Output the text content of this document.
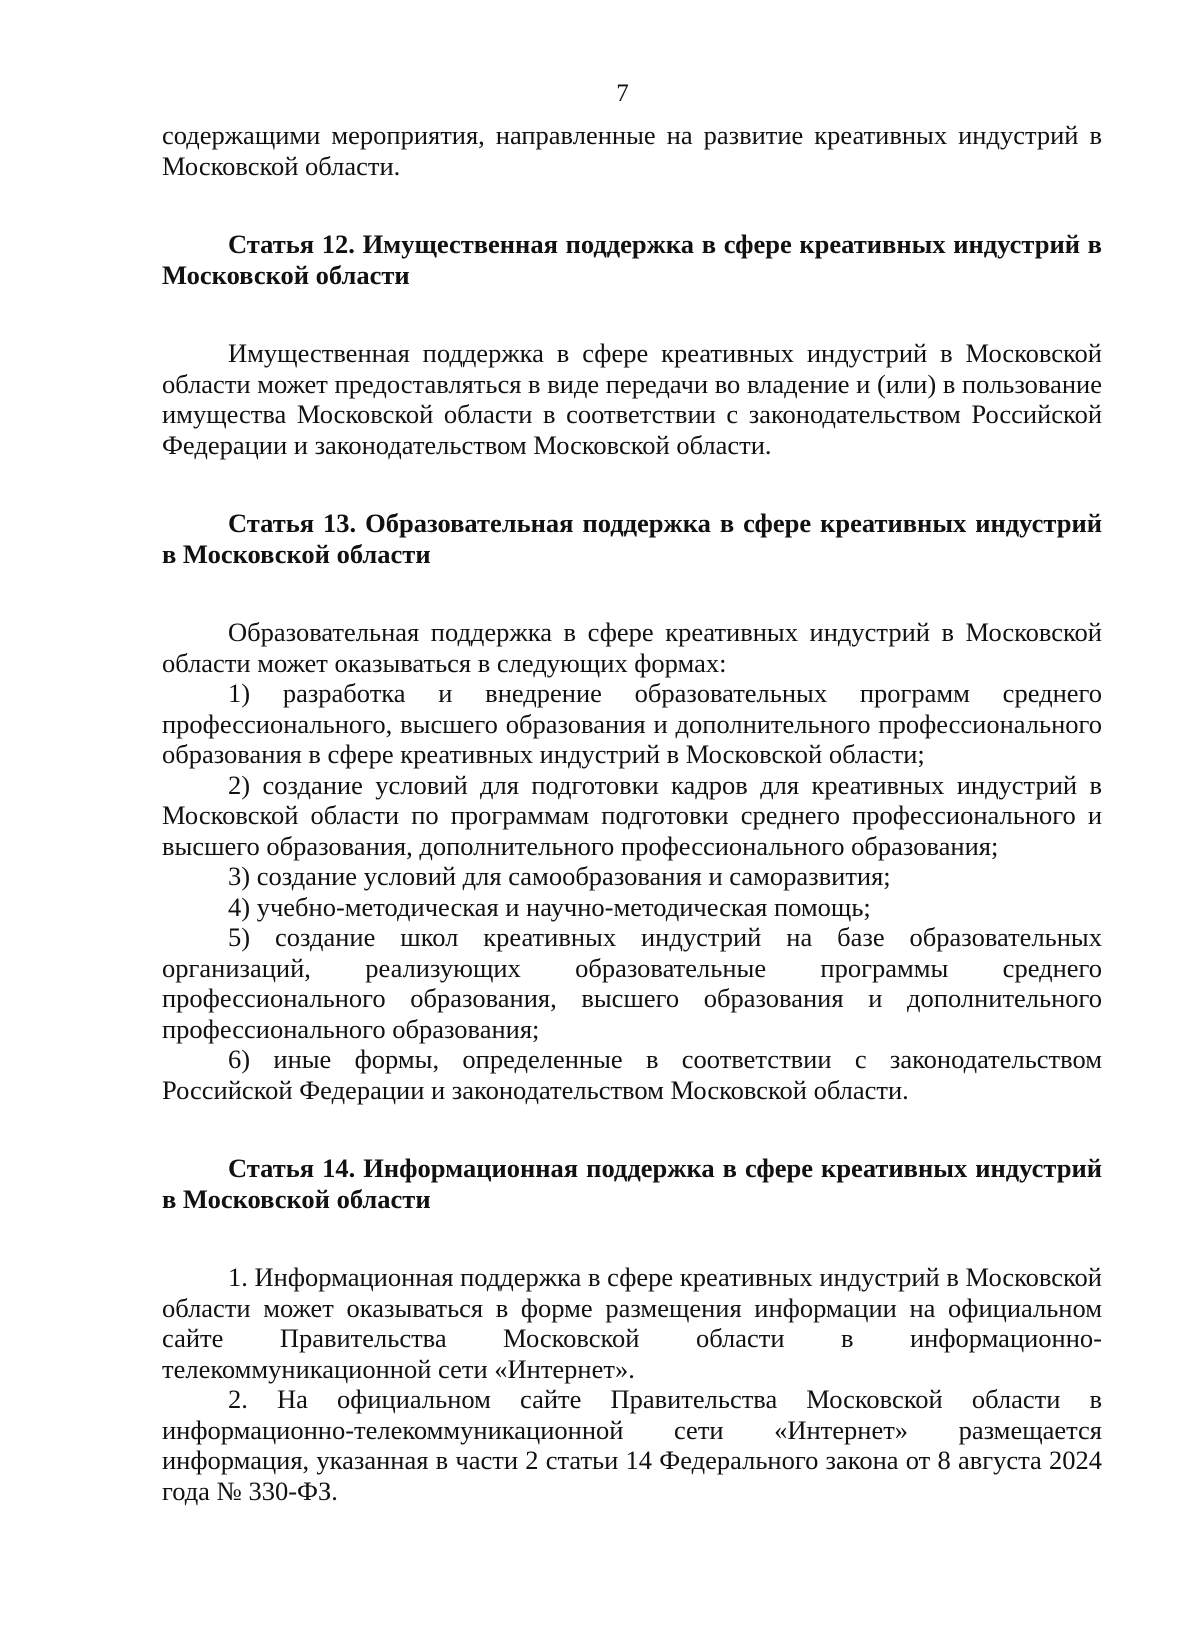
7

содержащими мероприятия, направленные на развитие креативных индустрий в Московской области.

Статья 12. Имущественная поддержка в сфере креативных индустрий в Московской области

Имущественная поддержка в сфере креативных индустрий в Московской области может предоставляться в виде передачи во владение и (или) в пользование имущества Московской области в соответствии с законодательством Российской Федерации и законодательством Московской области.

Статья 13. Образовательная поддержка в сфере креативных индустрий в Московской области

Образовательная поддержка в сфере креативных индустрий в Московской области может оказываться в следующих формах:

1) разработка и внедрение образовательных программ среднего профессионального, высшего образования и дополнительного профессионального образования в сфере креативных индустрий в Московской области;

2) создание условий для подготовки кадров для креативных индустрий в Московской области по программам подготовки среднего профессионального и высшего образования, дополнительного профессионального образования;

3) создание условий для самообразования и саморазвития;

4) учебно-методическая и научно-методическая помощь;

5) создание школ креативных индустрий на базе образовательных организаций, реализующих образовательные программы среднего профессионального образования, высшего образования и дополнительного профессионального образования;

6) иные формы, определенные в соответствии с законодательством Российской Федерации и законодательством Московской области.

Статья 14. Информационная поддержка в сфере креативных индустрий в Московской области

1. Информационная поддержка в сфере креативных индустрий в Московской области может оказываться в форме размещения информации на официальном сайте Правительства Московской области в информационно-телекоммуникационной сети «Интернет».

2. На официальном сайте Правительства Московской области в информационно-телекоммуникационной сети «Интернет» размещается информация, указанная в части 2 статьи 14 Федерального закона от 8 августа 2024 года № 330-ФЗ.
